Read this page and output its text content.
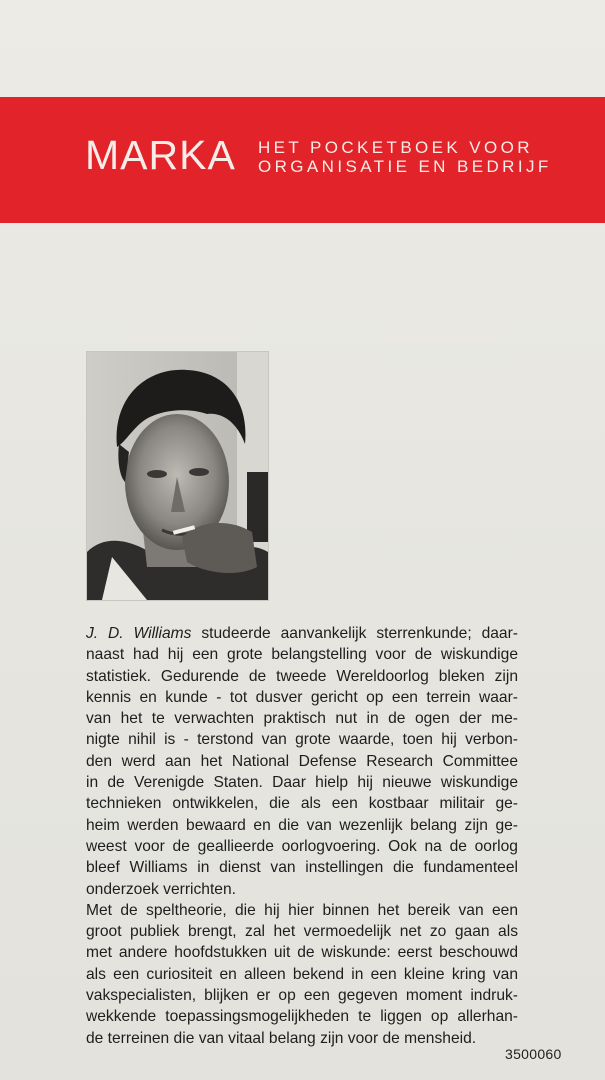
MARKA HET POCKETBOEK VOOR
ORGANISATIE EN BEDRIJF
J. D. Williams studeerde aanvankelijk sterrenkunde; daar-
naast had hij een grote belangstelling voor de wiskundige
statistiek. Gedurende de tweede Wereldoorlog bleken zijn
kennis en kunde - tot dusver gericht op een terrein waar-
van het te verwachten praktisch nut in de ogen der me-
nigte nihil is - terstond van grote waarde, toen hij verbon-
den werd aan het National Defense Research Committee
in de Verenigde Staten. Daar hielp hij nieuwe wiskundige
technieken ontwikkelen, die als een kostbaar militair ge-
heim werden bewaard en die van wezenlijk belang zijn ge-
weest voor de geallieerde oorlogvoering. Ook na de oorlog
bleef Williams in dienst van instellingen die fundamenteel
onderzoek verrichten.
Met de speltheorie, die hij hier binnen het bereik van een
groot publiek brengt, zal het vermoedelijk net zo gaan als
met andere hoofdstukken uit de wiskunde: eerst beschouwd
als een curiositeit en alleen bekend in een kleine kring van
vakspecialisten, blijken er op een gegeven moment indruk-
wekkende toepassingsmogelijkheden te liggen op allerhan-
de terreinen die van vitaal belang zijn voor de mensheid.
3500060
